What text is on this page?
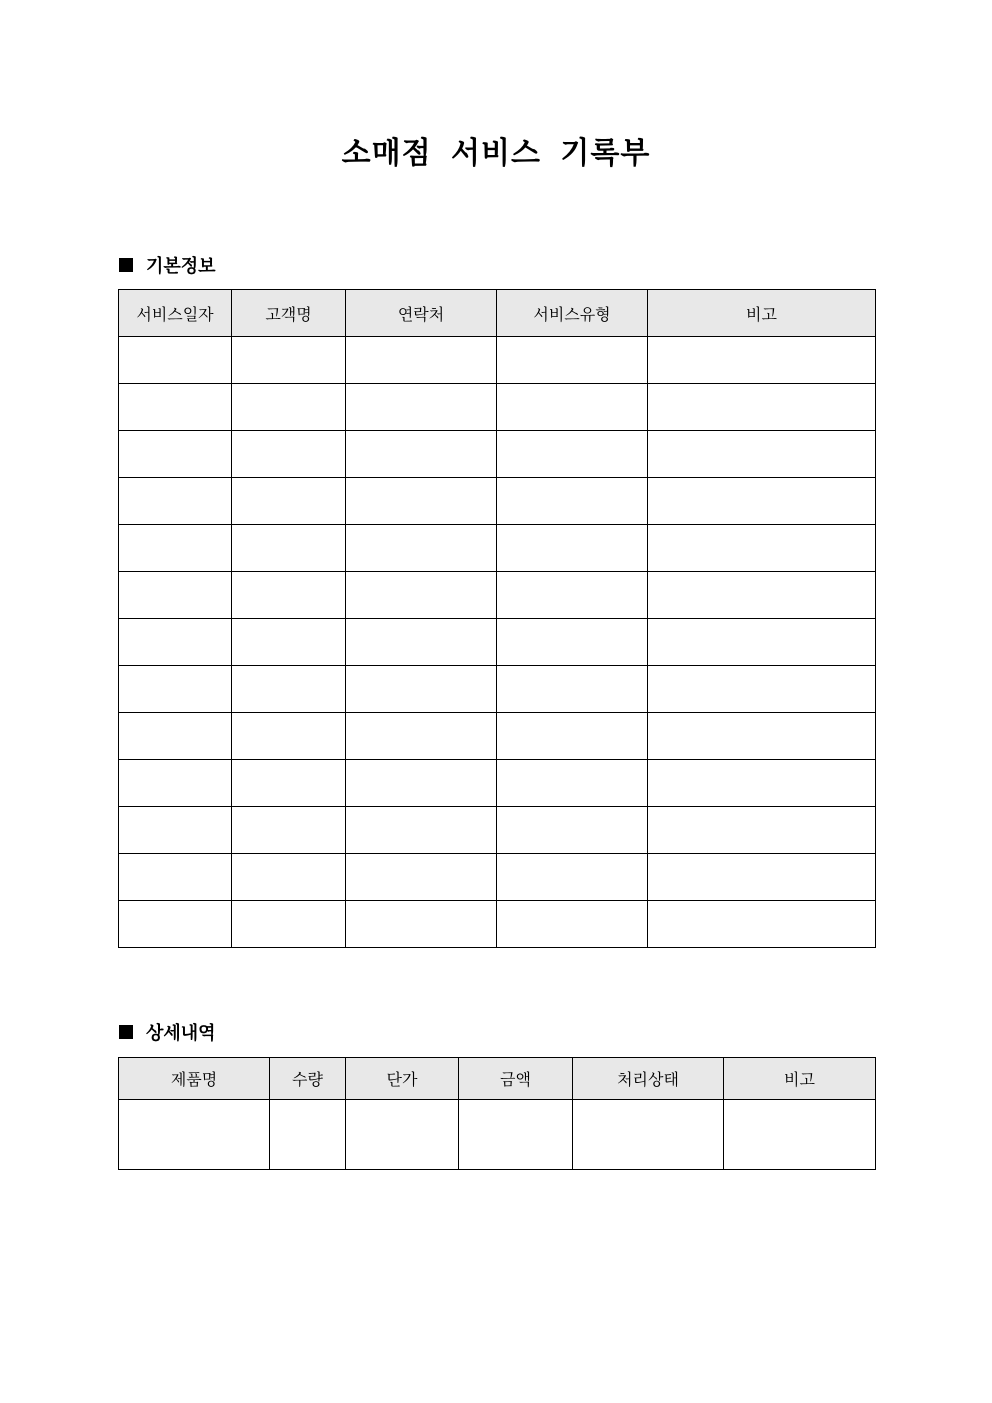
소매점 서비스 기록부
기본정보
서비스일자	고객명	연락처	서비스유형	비고

상세내역
제품명	수량	단가	금액	처리상태	비고
